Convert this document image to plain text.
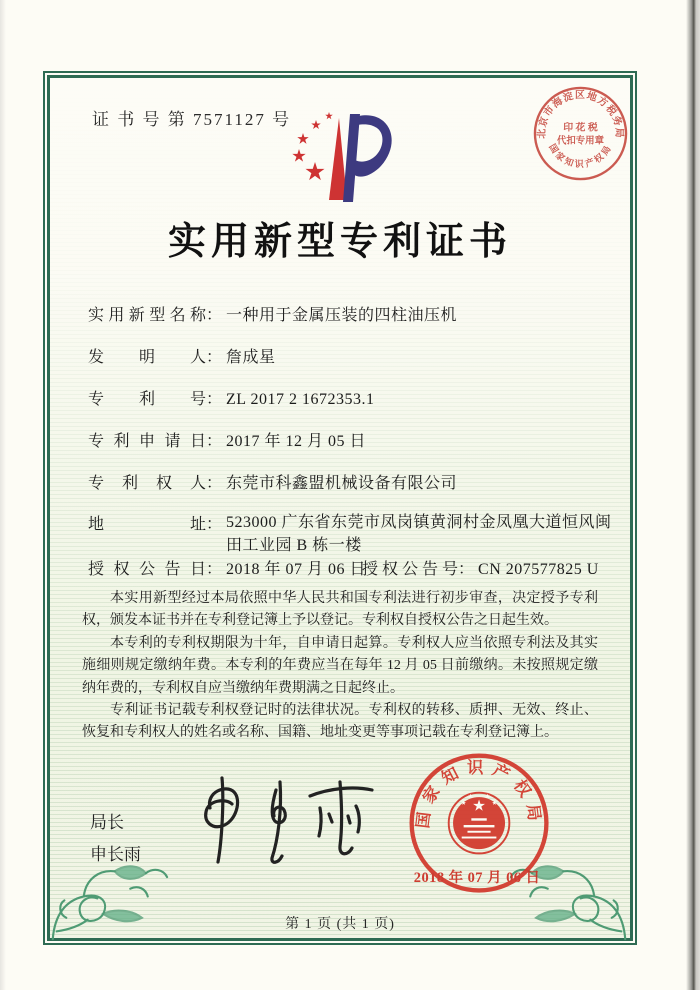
证 书 号 第 7571127 号
北京市海淀区地方税务局
印 花 税
代扣专用章
国家知识产权局
实用新型专利证书
实用新型名称： 一种用于金属压装的四柱油压机
发明人： 詹成星
专利号： ZL 2017 2 1672353.1
专利申请日： 2017 年 12 月 05 日
专利权人： 东莞市科鑫盟机械设备有限公司
地址： 523000 广东省东莞市凤岗镇黄洞村金凤凰大道恒风闽田工业园 B 栋一楼
授权公告日： 2018 年 07 月 06 日
授权公告号： CN 207577825 U

本实用新型经过本局依照中华人民共和国专利法进行初步审查，决定授予专利权，颁发本证书并在专利登记簿上予以登记。专利权自授权公告之日起生效。

本专利的专利权期限为十年，自申请日起算。专利权人应当依照专利法及其实施细则规定缴纳年费。本专利的年费应当在每年 12 月 05 日前缴纳。未按照规定缴纳年费的，专利权自应当缴纳年费期满之日起终止。

专利证书记载专利权登记时的法律状况。专利权的转移、质押、无效、终止、恢复和专利权人的姓名或名称、国籍、地址变更等事项记载在专利登记簿上。

局长
申长雨
国家知识产权局
2018 年 07 月 06 日
第 1 页 (共 1 页)
